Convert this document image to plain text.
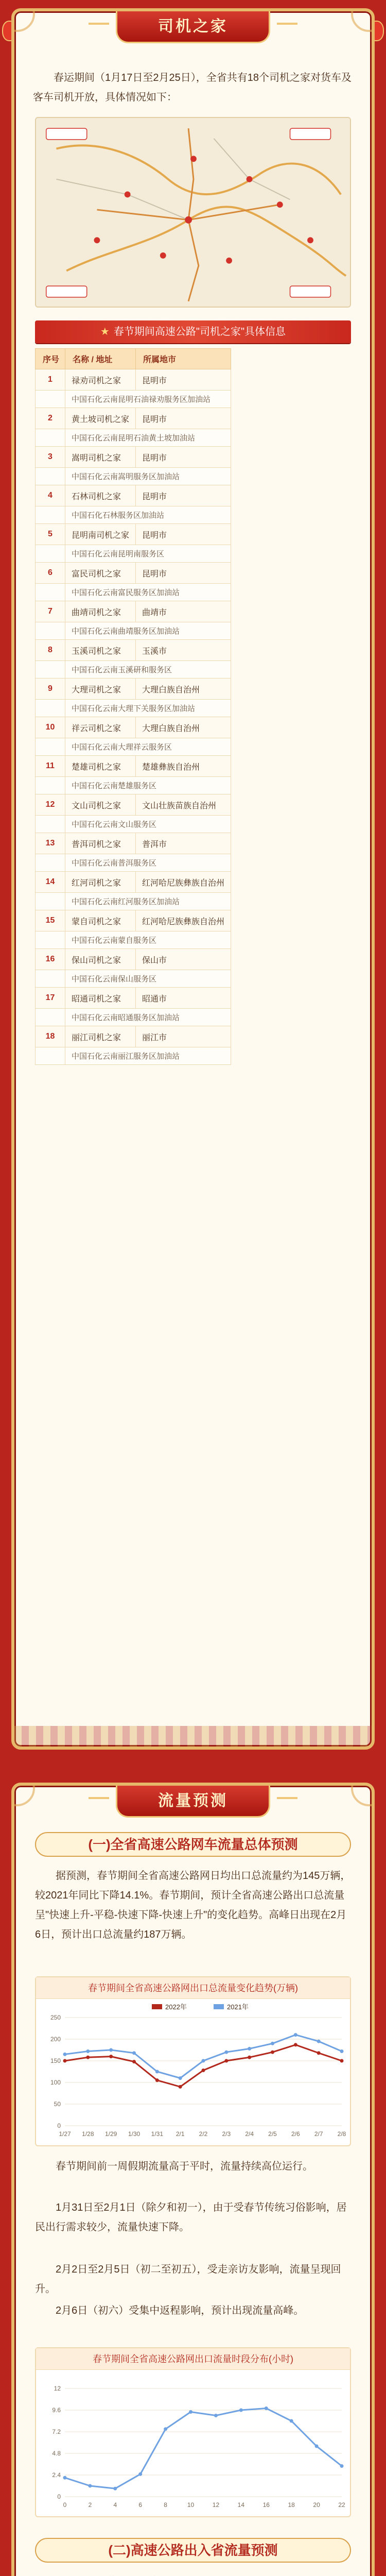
司机之家

春运期间（1月17日至2月25日），全省共有18个司机之家对货车及客车司机开放，具体情况如下：

★ 春节期间高速公路"司机之家"具体信息
序号	名称 / 地址	所属地市
1	禄劝司机之家	昆明市
	中国石化云南昆明石油禄劝服务区加油站	
2	黄土坡司机之家	昆明市
	中国石化云南昆明石油黄土坡加油站	
3	嵩明司机之家	昆明市
	中国石化云南嵩明服务区加油站	
4	石林司机之家	昆明市
	中国石化石林服务区加油站	
5	昆明南司机之家	昆明市
	中国石化云南昆明南服务区	
6	富民司机之家	昆明市
	中国石化云南富民服务区加油站	
7	曲靖司机之家	曲靖市
	中国石化云南曲靖服务区加油站	
8	玉溪司机之家	玉溪市
	中国石化云南玉溪研和服务区	
9	大理司机之家	大理白族自治州
	中国石化云南大理下关服务区加油站	
10	祥云司机之家	大理白族自治州
	中国石化云南大理祥云服务区	
11	楚雄司机之家	楚雄彝族自治州
	中国石化云南楚雄服务区	
12	文山司机之家	文山壮族苗族自治州
	中国石化云南文山服务区	
13	普洱司机之家	普洱市
	中国石化云南普洱服务区	
14	红河司机之家	红河哈尼族彝族自治州
	中国石化云南红河服务区加油站	
15	蒙自司机之家	红河哈尼族彝族自治州
	中国石化云南蒙自服务区	
16	保山司机之家	保山市
	中国石化云南保山服务区	
17	昭通司机之家	昭通市
	中国石化云南昭通服务区加油站	
18	丽江司机之家	丽江市
	中国石化云南丽江服务区加油站	
流量预测
(一)全省高速公路网车流量总体预测

据预测，春节期间全省高速公路网日均出口总流量约为145万辆，较2021年同比下降14.1%。春节期间，预计全省高速公路出口总流量呈"快速上升-平稳-快速下降-快速上升"的变化趋势。高峰日出现在2月6日，预计出口总流量约187万辆。

春节期间全省高速公路网出口总流量变化趋势(万辆)
0
50
100
150
200
250
1/27 1/28 1/29 1/30 1/31 2/1 2/2 2/3 2/4 2/5 2/6 2/7 2/8
2022年	2021年

春节期间前一周假期流量高于平时，流量持续高位运行。

1月31日至2月1日（除夕和初一），由于受春节传统习俗影响，居民出行需求较少，流量快速下降。

2月2日至2月5日（初二至初五），受走亲访友影响，流量呈现回升。

2月6日（初六）受集中返程影响，预计出现流量高峰。

春节期间全省高速公路网出口流量时段分布(小时)
0
2.4
4.8
7.2
9.6
12
0	2	4	6	8	10	12	14	16	18	20	22
(二)高速公路出入省流量预测
